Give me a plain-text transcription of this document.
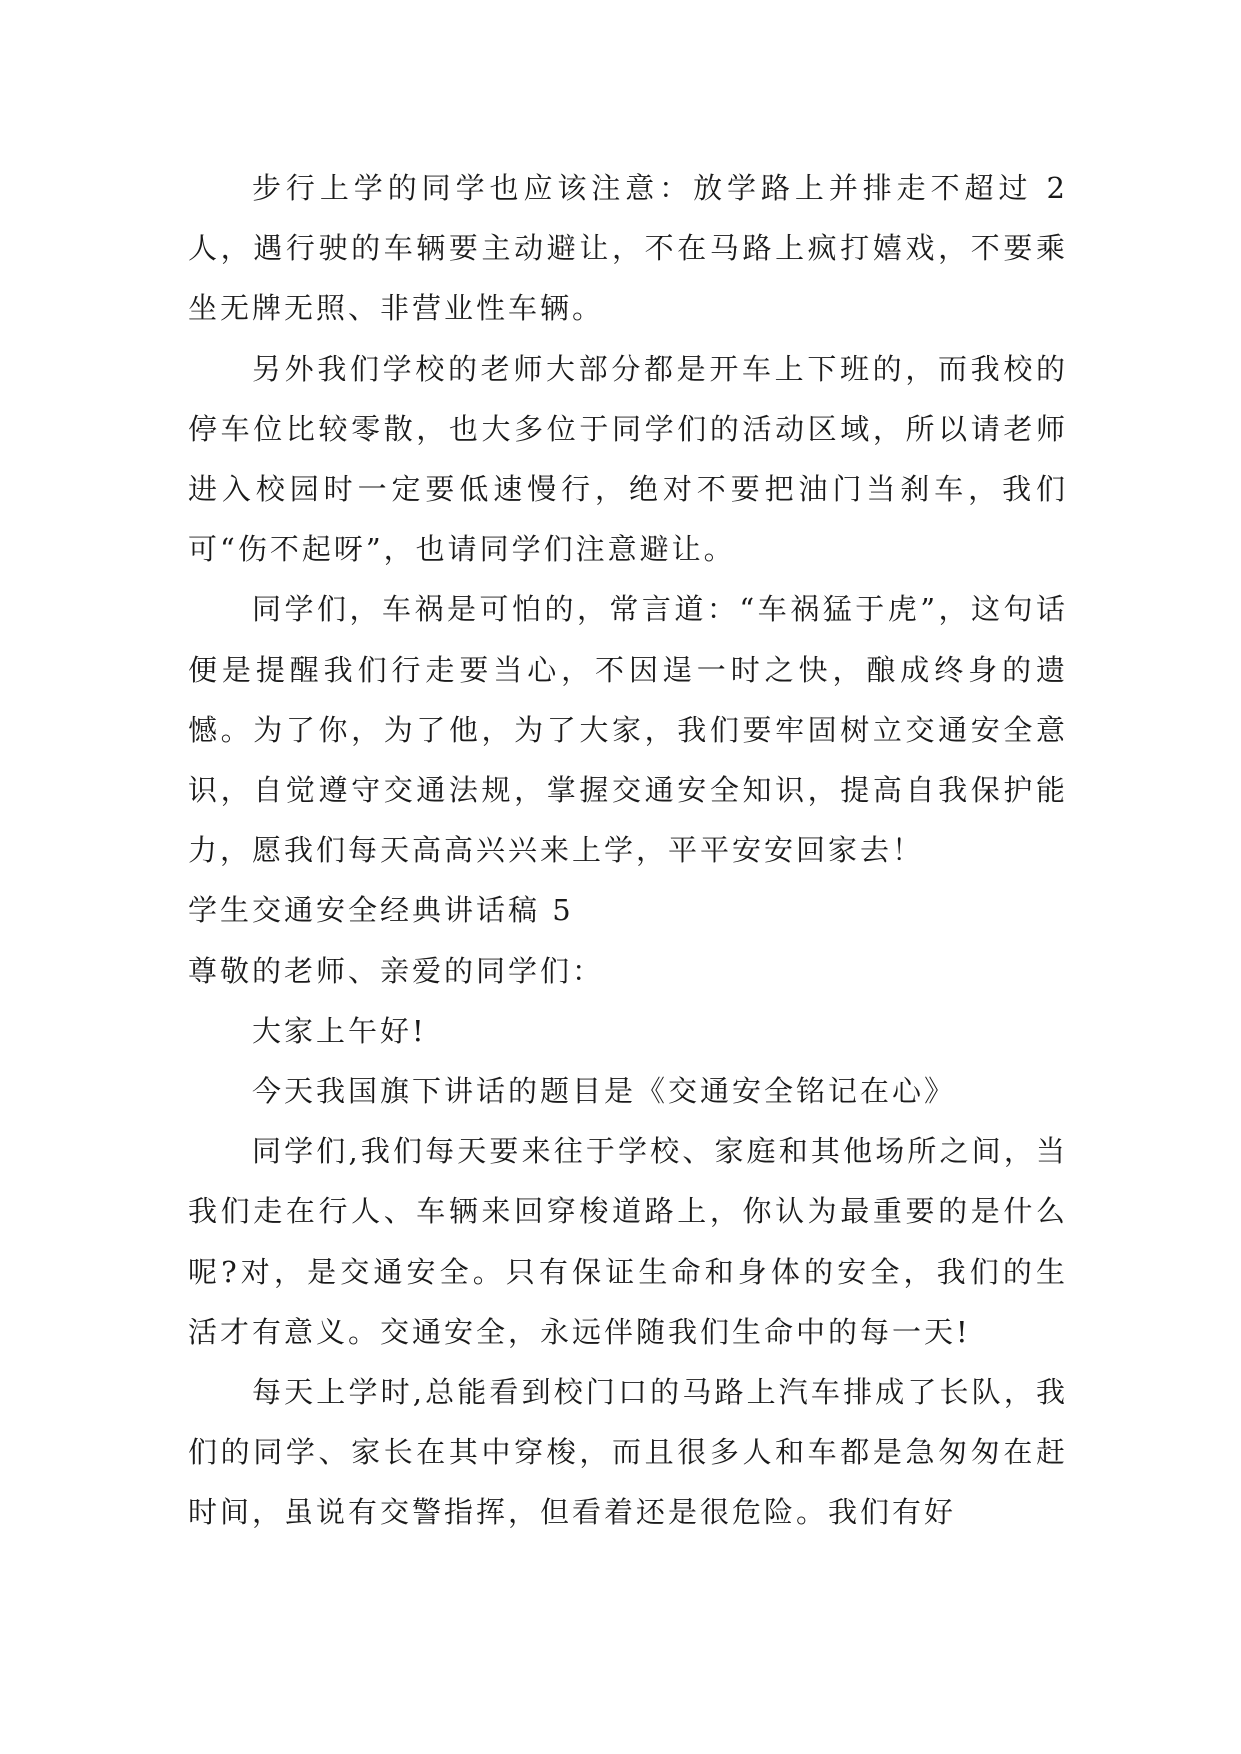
步行上学的同学也应该注意：放学路上并排走不超过 2 人，遇行驶的车辆要主动避让，不在马路上疯打嬉戏，不要乘坐无牌无照、非营业性车辆。

另外我们学校的老师大部分都是开车上下班的，而我校的停车位比较零散，也大多位于同学们的活动区域，所以请老师进入校园时一定要低速慢行，绝对不要把油门当刹车，我们可“伤不起呀”，也请同学们注意避让。

同学们，车祸是可怕的，常言道：“车祸猛于虎”，这句话便是提醒我们行走要当心，不因逞一时之快，酿成终身的遗憾。为了你，为了他，为了大家，我们要牢固树立交通安全意识，自觉遵守交通法规，掌握交通安全知识，提高自我保护能力，愿我们每天高高兴兴来上学，平平安安回家去！

学生交通安全经典讲话稿 5

尊敬的老师、亲爱的同学们：

大家上午好!

今天我国旗下讲话的题目是《交通安全铭记在心》

同学们,我们每天要来往于学校、家庭和其他场所之间，当我们走在行人、车辆来回穿梭道路上，你认为最重要的是什么呢?对，是交通安全。只有保证生命和身体的安全，我们的生活才有意义。交通安全，永远伴随我们生命中的每一天!

每天上学时,总能看到校门口的马路上汽车排成了长队，我们的同学、家长在其中穿梭，而且很多人和车都是急匆匆在赶时间，虽说有交警指挥，但看着还是很危险。我们有好
